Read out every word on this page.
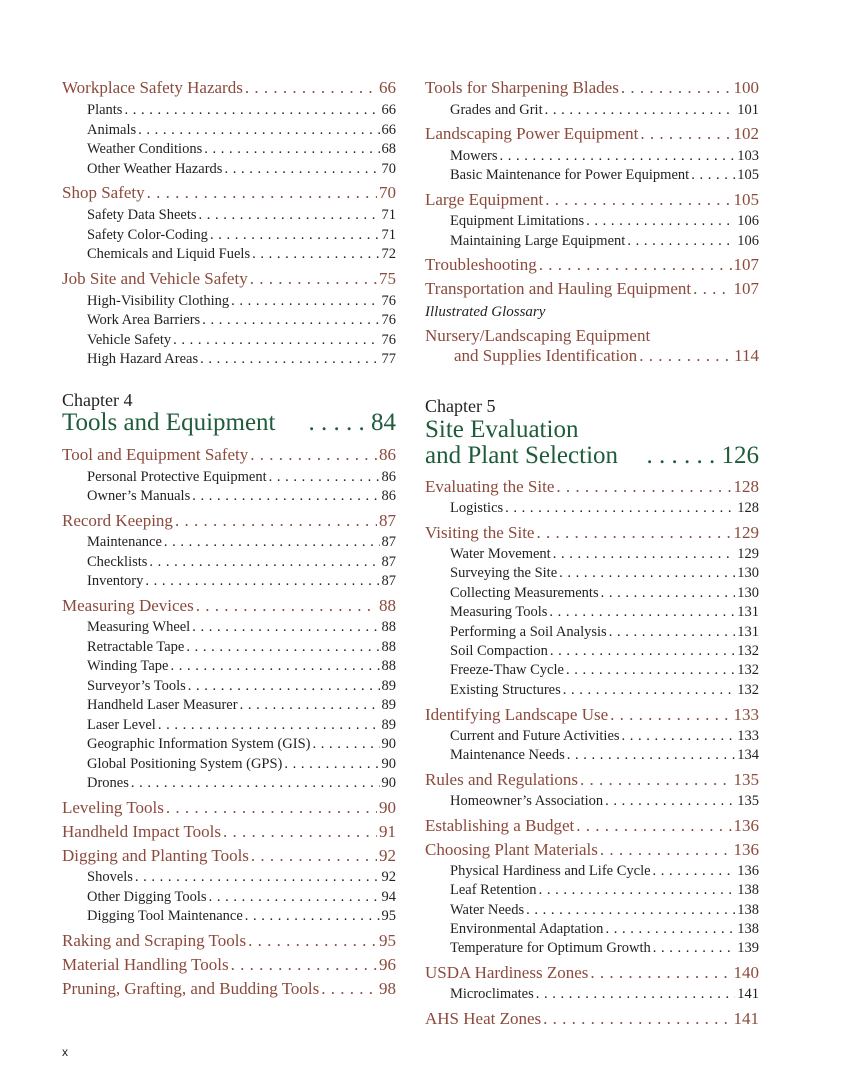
Workplace Safety Hazards . . .	66
Plants . . .	66
Animals . . .	66
Weather Conditions . . .	68
Other Weather Hazards . . .	70
Shop Safety . . .	70
Safety Data Sheets . . .	71
Safety Color-Coding . . .	71
Chemicals and Liquid Fuels . . .	72
Job Site and Vehicle Safety . . .	75
High-Visibility Clothing . . .	76
Work Area Barriers . . .	76
Vehicle Safety . . .	76
High Hazard Areas . . .	77
Chapter 4
Tools and Equipment . . . . . 84
Tool and Equipment Safety . . .	86
Personal Protective Equipment . . .	86
Owner’s Manuals . . .	86
Record Keeping . . .	87
Maintenance . . .	87
Checklists . . .	87
Inventory . . .	87
Measuring Devices . . .	88
Measuring Wheel . . .	88
Retractable Tape . . .	88
Winding Tape . . .	88
Surveyor’s Tools . . .	89
Handheld Laser Measurer . . .	89
Laser Level . . .	89
Geographic Information System (GIS) . . .	90
Global Positioning System (GPS) . . .	90
Drones . . .	90
Leveling Tools . . .	90
Handheld Impact Tools . . .	91
Digging and Planting Tools . . .	92
Shovels . . .	92
Other Digging Tools . . .	94
Digging Tool Maintenance . . .	95
Raking and Scraping Tools . . .	95
Material Handling Tools . . .	96
Pruning, Grafting, and Budding Tools . . .	98
Tools for Sharpening Blades . . .	100
Grades and Grit . . .	101
Landscaping Power Equipment . . .	102
Mowers . . .	103
Basic Maintenance for Power Equipment . . .	105
Large Equipment . . .	105
Equipment Limitations . . .	106
Maintaining Large Equipment . . .	106
Troubleshooting . . .	107
Transportation and Hauling Equipment . . . 107
Illustrated Glossary
Nursery/Landscaping Equipment
and Supplies Identification . . .	114
Chapter 5
Site Evaluation
and Plant Selection . . . . . . 126
Evaluating the Site . . .	128
Logistics . . .	128
Visiting the Site . . .	129
Water Movement . . .	129
Surveying the Site . . .	130
Collecting Measurements . . .	130
Measuring Tools . . .	131
Performing a Soil Analysis . . .	131
Soil Compaction . . .	132
Freeze-Thaw Cycle . . .	132
Existing Structures . . .	132
Identifying Landscape Use . . .	133
Current and Future Activities . . .	133
Maintenance Needs . . .	134
Rules and Regulations . . .	135
Homeowner’s Association . . .	135
Establishing a Budget . . .	136
Choosing Plant Materials . . .	136
Physical Hardiness and Life Cycle . . .	136
Leaf Retention . . .	138
Water Needs . . .	138
Environmental Adaptation . . .	138
Temperature for Optimum Growth . . .	139
USDA Hardiness Zones . . .	140
Microclimates . . .	141
AHS Heat Zones . . .	141
x
